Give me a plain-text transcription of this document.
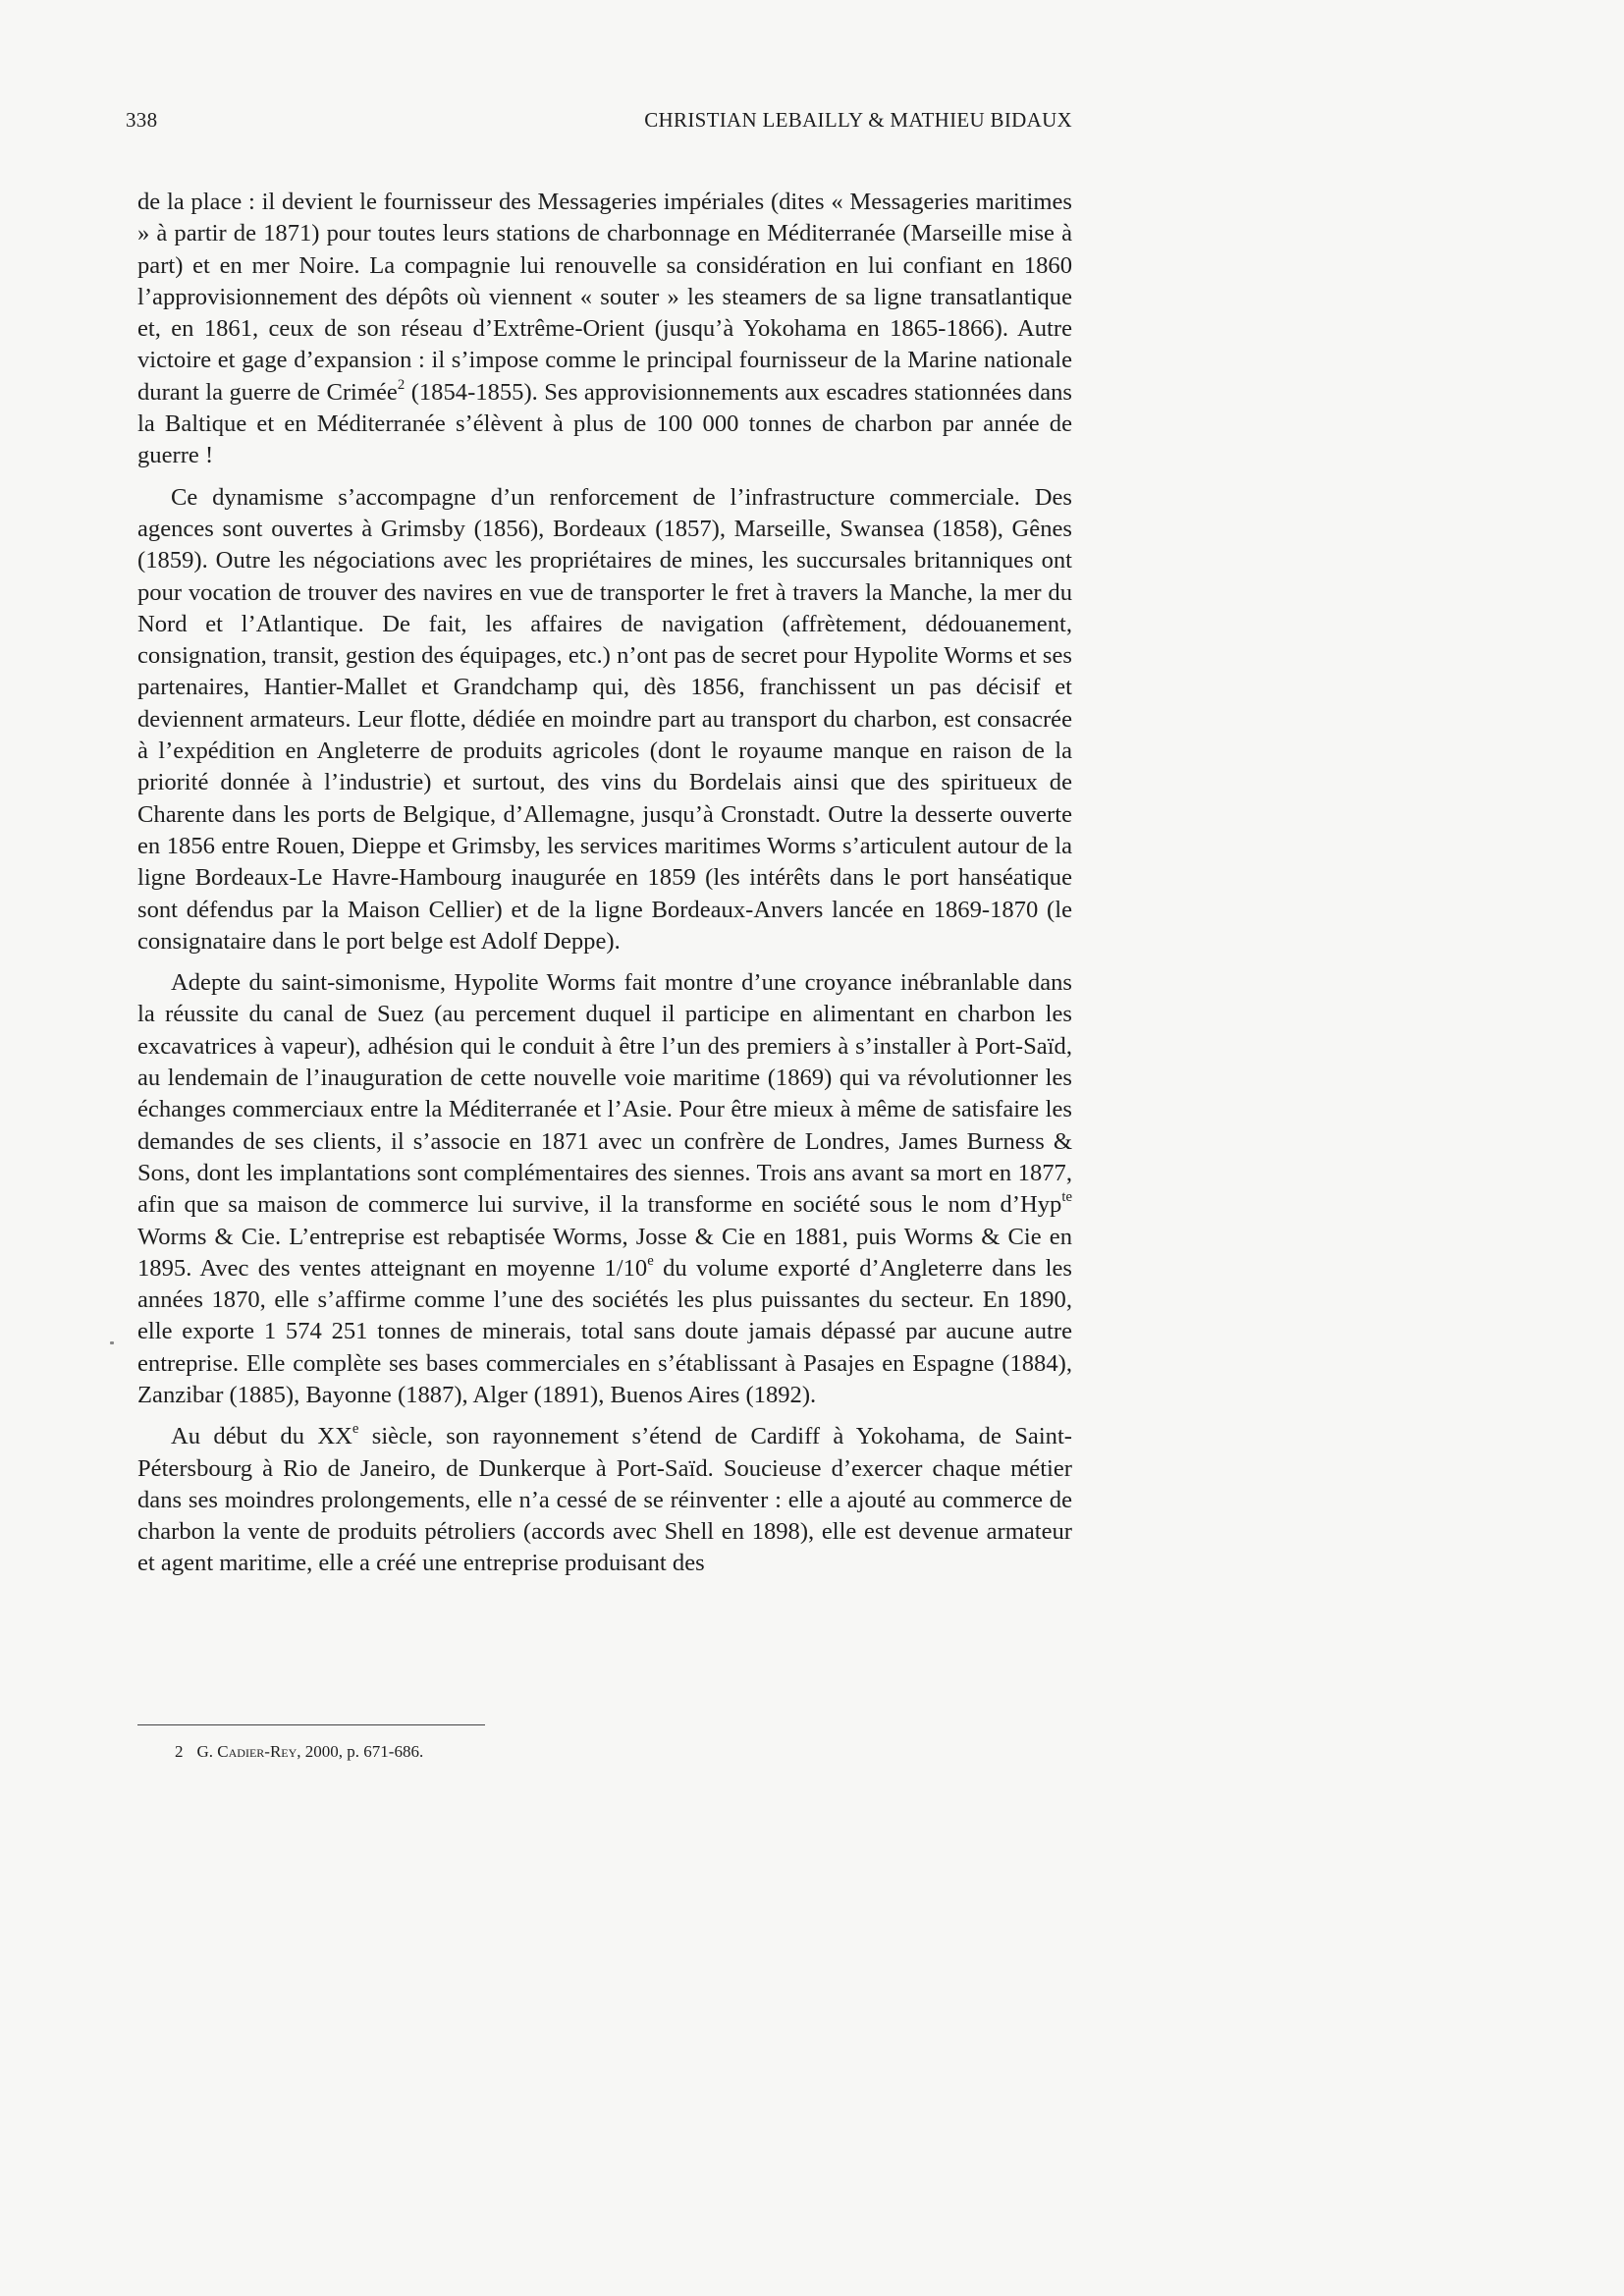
338	CHRISTIAN LEBAILLY & MATHIEU BIDAUX

de la place : il devient le fournisseur des Messageries impériales (dites « Messageries maritimes » à partir de 1871) pour toutes leurs stations de charbonnage en Méditerranée (Marseille mise à part) et en mer Noire. La compagnie lui renouvelle sa considération en lui confiant en 1860 l’approvisionnement des dépôts où viennent « souter » les steamers de sa ligne transatlantique et, en 1861, ceux de son réseau d’Extrême-Orient (jusqu’à Yokohama en 1865-1866). Autre victoire et gage d’expansion : il s’impose comme le principal fournisseur de la Marine nationale durant la guerre de Crimée$^2$ (1854-1855). Ses approvisionnements aux escadres stationnées dans la Baltique et en Méditerranée s’élèvent à plus de 100 000 tonnes de charbon par année de guerre !

Ce dynamisme s’accompagne d’un renforcement de l’infrastructure commerciale. Des agences sont ouvertes à Grimsby (1856), Bordeaux (1857), Marseille, Swansea (1858), Gênes (1859). Outre les négociations avec les propriétaires de mines, les succursales britanniques ont pour vocation de trouver des navires en vue de transporter le fret à travers la Manche, la mer du Nord et l’Atlantique. De fait, les affaires de navigation (affrètement, dédouanement, consignation, transit, gestion des équipages, etc.) n’ont pas de secret pour Hypolite Worms et ses partenaires, Hantier-Mallet et Grandchamp qui, dès 1856, franchissent un pas décisif et deviennent armateurs. Leur flotte, dédiée en moindre part au transport du charbon, est consacrée à l’expédition en Angleterre de produits agricoles (dont le royaume manque en raison de la priorité donnée à l’industrie) et surtout, des vins du Bordelais ainsi que des spiritueux de Charente dans les ports de Belgique, d’Allemagne, jusqu’à Cronstadt. Outre la desserte ouverte en 1856 entre Rouen, Dieppe et Grimsby, les services maritimes Worms s’articulent autour de la ligne Bordeaux-Le Havre-Hambourg inaugurée en 1859 (les intérêts dans le port hanséatique sont défendus par la Maison Cellier) et de la ligne Bordeaux-Anvers lancée en 1869-1870 (le consignataire dans le port belge est Adolf Deppe).

Adepte du saint-simonisme, Hypolite Worms fait montre d’une croyance inébranlable dans la réussite du canal de Suez (au percement duquel il participe en alimentant en charbon les excavatrices à vapeur), adhésion qui le conduit à être l’un des premiers à s’installer à Port-Saïd, au lendemain de l’inauguration de cette nouvelle voie maritime (1869) qui va révolutionner les échanges commerciaux entre la Méditerranée et l’Asie. Pour être mieux à même de satisfaire les demandes de ses clients, il s’associe en 1871 avec un confrère de Londres, James Burness & Sons, dont les implantations sont complémentaires des siennes. Trois ans avant sa mort en 1877, afin que sa maison de commerce lui survive, il la transforme en société sous le nom d’Hyp$^{te}$ Worms & Cie. L’entreprise est rebaptisée Worms, Josse & Cie en 1881, puis Worms & Cie en 1895. Avec des ventes atteignant en moyenne 1/10e du volume exporté d’Angleterre dans les années 1870, elle s’affirme comme l’une des sociétés les plus puissantes du secteur. En 1890, elle exporte 1 574 251 tonnes de minerais, total sans doute jamais dépassé par aucune autre entreprise. Elle complète ses bases commerciales en s’établissant à Pasajes en Espagne (1884), Zanzibar (1885), Bayonne (1887), Alger (1891), Buenos Aires (1892).

Au début du XXe siècle, son rayonnement s’étend de Cardiff à Yokohama, de Saint-Pétersbourg à Rio de Janeiro, de Dunkerque à Port-Saïd. Soucieuse d’exercer chaque métier dans ses moindres prolongements, elle n’a cessé de se réinventer : elle a ajouté au commerce de charbon la vente de produits pétroliers (accords avec Shell en 1898), elle est devenue armateur et agent maritime, elle a créé une entreprise produisant des

2 G. Cadier-Rey, 2000, p. 671-686.
